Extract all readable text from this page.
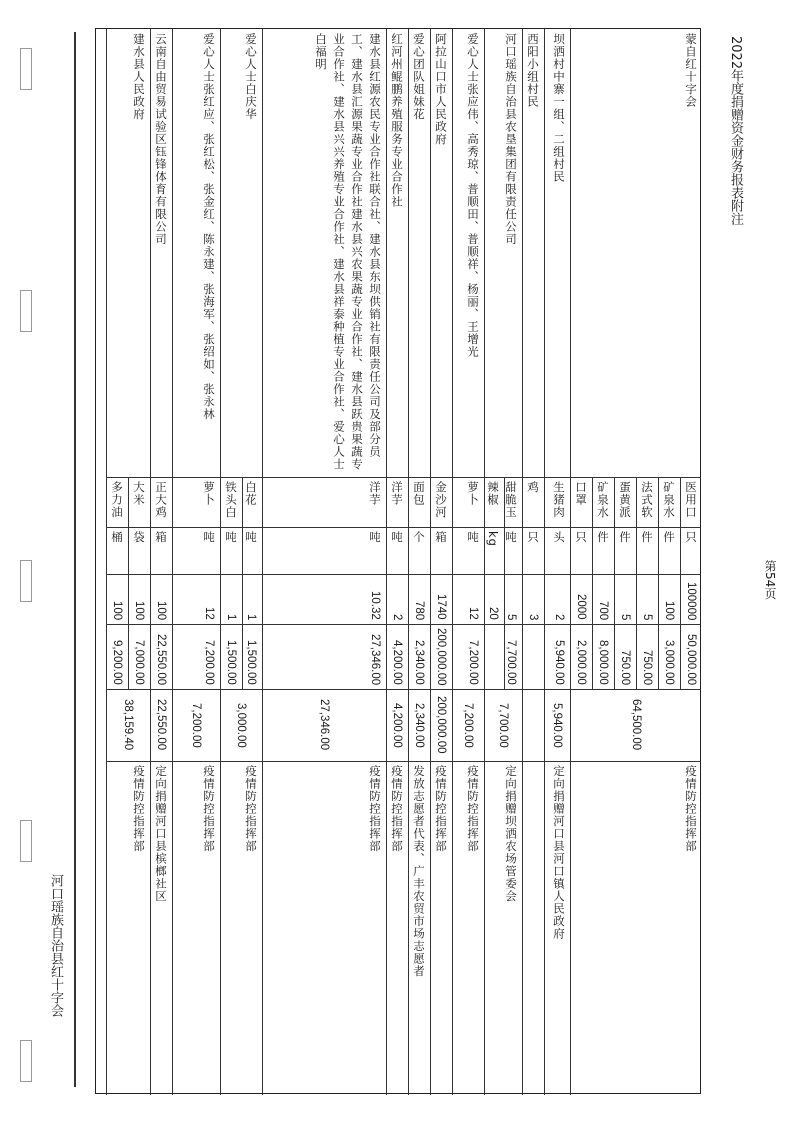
河口瑶族自治县红十字会
2022年度捐赠资金财务报表附注
第54页
蒙自红十字会
医用口
只
100000
50,000.00
矿泉水
件
100
3,000.00
法式软
件
5
750.00
蛋黄派
件
5
750.00
矿泉水
件
700
8,000.00
口罩
只
2000
2,000.00
64,500.00
疫情防控指挥部
坝洒村中寨一组、二组村民
生猪肉
头
2
5,940.00
5,940.00
定向捐赠河口县河口镇人民政府
西阳小组村民
鸡
只
3
河口瑶族自治县农垦集团有限责任公司
甜脆玉
吨
5
7,700.00
辣椒
kg
20
7,700.00
定向捐赠坝洒农场管委会
爱心人士张应伟、高秀琼、普顺田、普顺祥、杨丽、王增光
萝卜
吨
12
7,200.00
7,200.00
疫情防控指挥部
阿拉山口市人民政府
金沙河
箱
1740
200,000.00
200,000.00
疫情防控指挥部
爱心团队姐妹花
面包
个
780
2,340.00
2,340.00
发放志愿者代表、广丰农贸市场志愿者
红河州鲲鹏养殖服务专业合作社
洋芋
吨
2
4,200.00
4,200.00
疫情防控指挥部
建水县红源农民专业合作社联合社、建水县东坝供销社有限责任公司及部分员工、建水县汇源果蔬专业合作社建水县兴农果蔬专业合作社、建水县跃贵果蔬专业合作社、建水县兴兴养殖专业合作社、建水县祥泰种植专业合作社、爱心人士白福明
洋芋
吨
10.32
27,346.00
27,346.00
疫情防控指挥部
爱心人士白庆华
白花
吨
1
1,500.00
铁头白
吨
1
1,500.00
3,000.00
疫情防控指挥部
爱心人士张红应、张红松、张金红、陈永建、张海军、张绍如、张永林
萝卜
吨
12
7,200.00
7,200.00
疫情防控指挥部
云南自由贸易试验区钰锋体育有限公司
正大鸡
箱
100
22,550.00
22,550.00
定向捐赠河口县槟榔社区
建水县人民政府
大米
袋
100
7,000.00
多力油
桶
100
9,200.00
38,159.40
疫情防控指挥部
